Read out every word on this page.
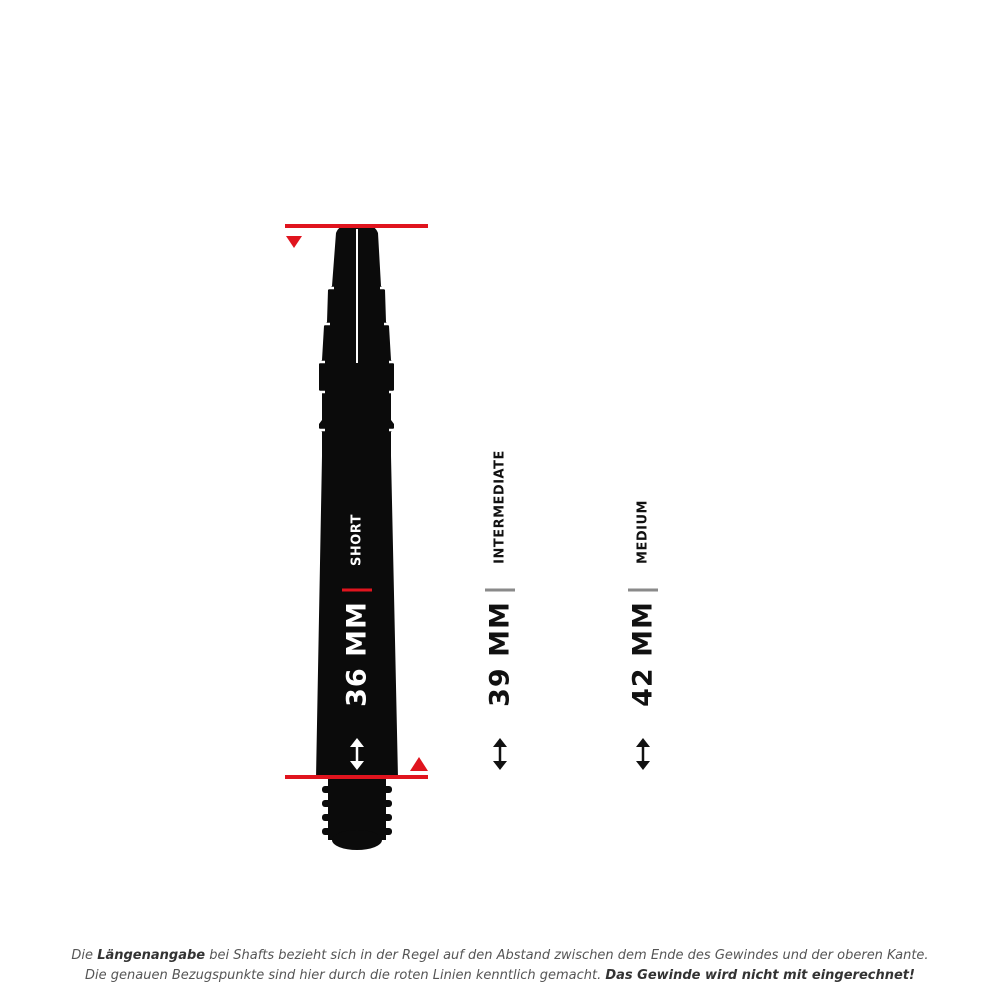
SHORT
36 MM
INTERMEDIATE
39 MM
MEDIUM
42 MM
Die Längenangabe bei Shafts bezieht sich in der Regel auf den Abstand zwischen dem Ende des Gewindes und der oberen Kante.
Die genauen Bezugspunkte sind hier durch die roten Linien kenntlich gemacht. Das Gewinde wird nicht mit eingerechnet!
